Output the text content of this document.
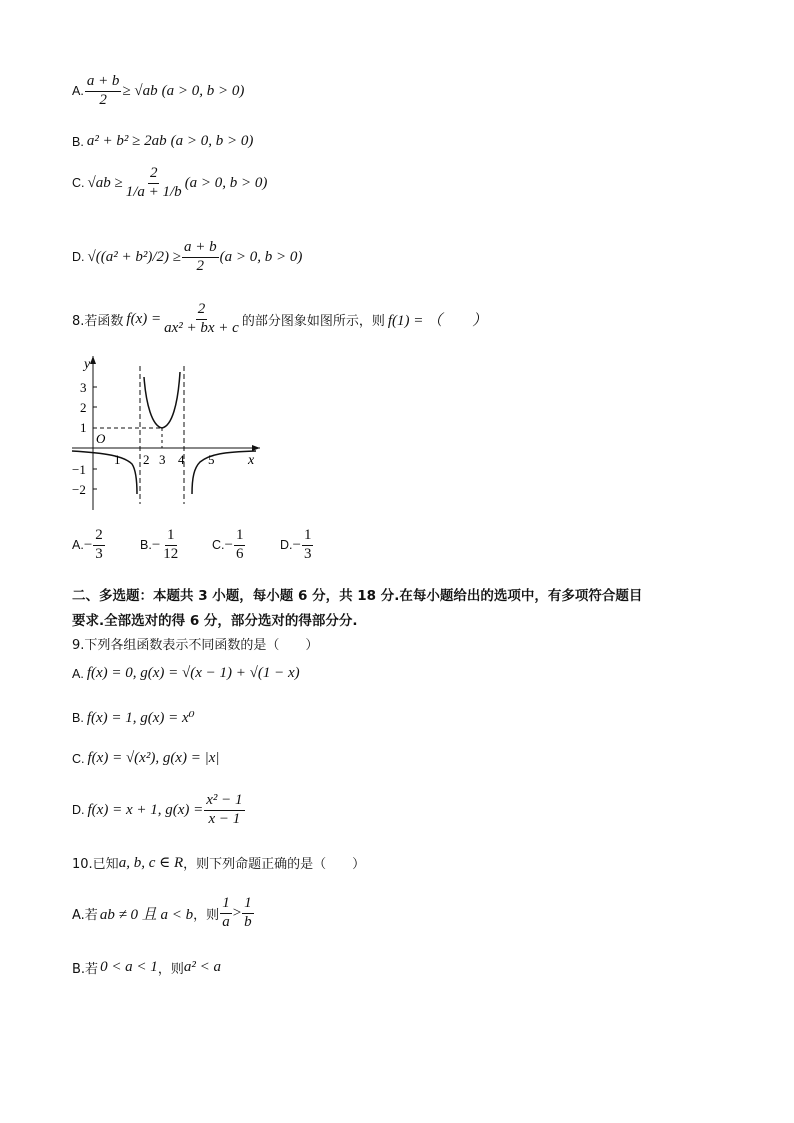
A. $\frac{a + b}{2} \ge √ab$ (a > 0, b > 0)
B. a² + b² ≥ 2ab (a > 0, b > 0)
C. $√ab \ge \frac{2}{1/a + 1/b} (a > 0$, b > 0)
D. $√((a^2 + b^2)/2) \ge \frac{a + b}{2} (a > 0$, b > 0)
8.若函数 $f(x) = \frac{2}{\text{ax² + bx + c}}$ 的部分图象如图所示，则 f(1) = （　　）
y
x
O
3
2
1
−1
−2
1 2 3 4 5
A. − $\frac{2}{3}$	B. − $\frac{1}{12}$	C. − $\frac{1}{6}$	D. − $\frac{1}{3}$
二、多选题：本题共 3 小题，每小题 6 分，共 18 分.在每小题给出的选项中，有多项符合题目
要求.全部选对的得 6 分，部分选对的得部分分.
9.下列各组函数表示不同函数的是（　　）
A. f(x) = 0, g(x) = √(x − 1) + √(1 − x)
B. f(x) = 1, g(x) = x⁰
C. f(x) = √(x²), g(x) = |x|
D. f(x) = x + 1, $g(x) = \frac{\text{x² − 1}}{x - 1}$
10.已知 a, b, c ∈ R ，则下列命题正确的是（　　）
A.若 ab ≠ 0 且 a < b ，则
1
a
>
1
b
B.若 0 < a < 1 ，则 a² < a
